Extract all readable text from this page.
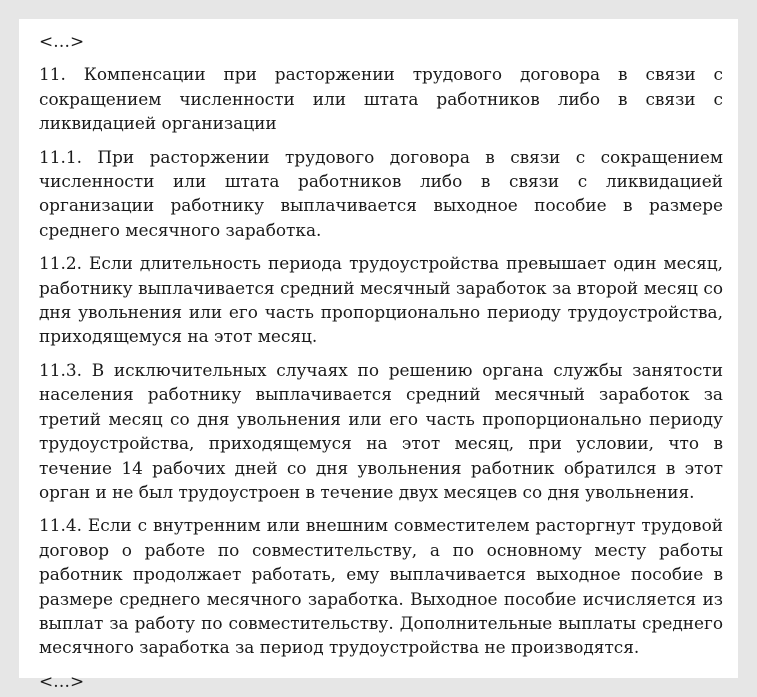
<…>
11. Компенсации при расторжении трудового договора в связи с сокращением численности или штата работников либо в связи с ликвидацией организации
11.1. При расторжении трудового договора в связи с сокращением численности или штата работников либо в связи с ликвидацией организации работнику выплачивается выходное пособие в размере среднего месячного заработка.
11.2. Если длительность периода трудоустройства превышает один месяц, работнику выплачивается средний месячный заработок за второй месяц со дня увольнения или его часть пропорционально периоду трудоустройства, приходящемуся на этот месяц.
11.3. В исключительных случаях по решению органа службы занятости населения работнику выплачивается средний месячный заработок за третий месяц со дня увольнения или его часть пропорционально периоду трудоустройства, приходящемуся на этот месяц, при условии, что в течение 14 рабочих дней со дня увольнения работник обратился в этот орган и не был трудоустроен в течение двух месяцев со дня увольнения.
11.4. Если с внутренним или внешним совместителем расторгнут трудовой договор о работе по совместительству, а по основному месту работы работник продолжает работать, ему выплачивается выходное пособие в размере среднего месячного заработка. Выходное пособие исчисляется из выплат за работу по совместительству. Дополнительные выплаты среднего месячного заработка за период трудоустройства не производятся.
<…>
